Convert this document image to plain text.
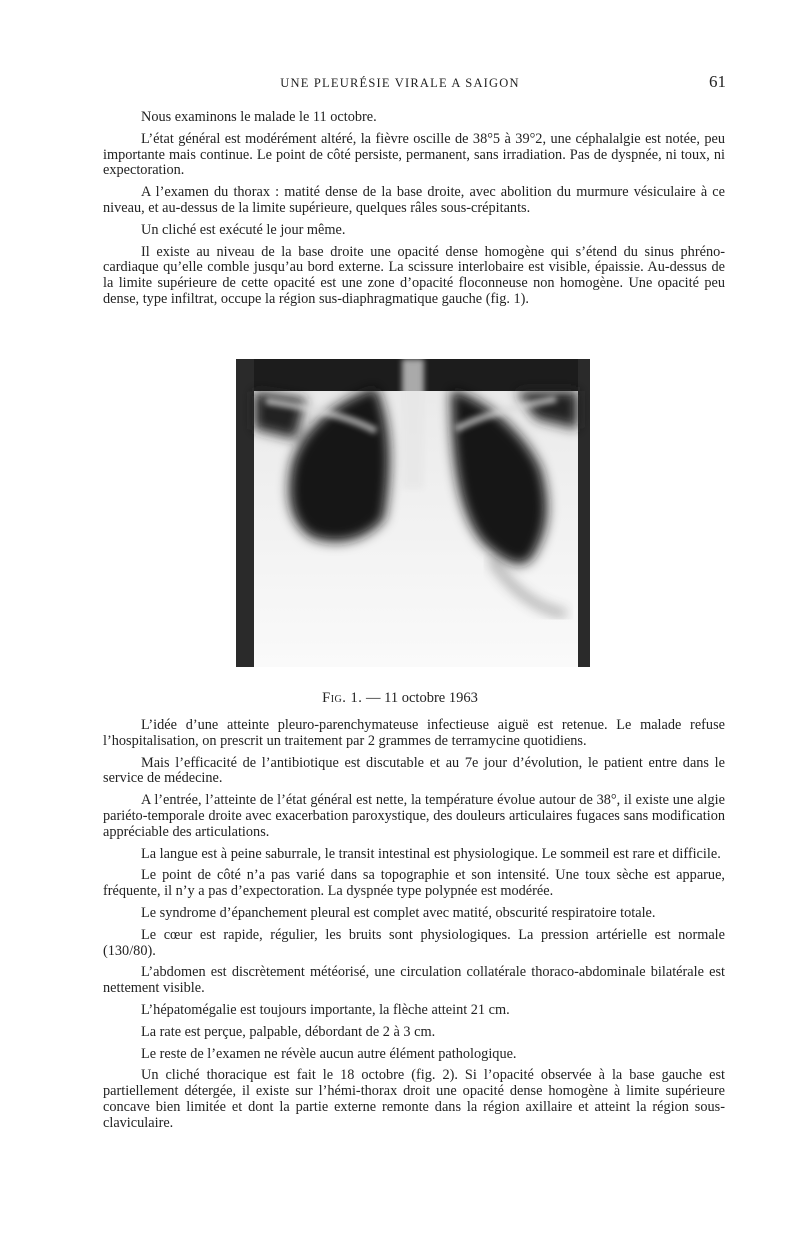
UNE PLEURÉSIE VIRALE A SAIGON	61

Nous examinons le malade le 11 octobre.

L’état général est modérément altéré, la fièvre oscille de 38°5 à 39°2, une céphalalgie est notée, peu importante mais continue. Le point de côté persiste, permanent, sans irradiation. Pas de dyspnée, ni toux, ni expectoration.

A l’examen du thorax : matité dense de la base droite, avec abolition du murmure vésiculaire à ce niveau, et au-dessus de la limite supérieure, quelques râles sous-crépitants.

Un cliché est exécuté le jour même.

Il existe au niveau de la base droite une opacité dense homogène qui s’étend du sinus phréno-cardiaque qu’elle comble jusqu’au bord externe. La scissure interlobaire est visible, épaissie. Au-dessus de la limite supérieure de cette opacité est une zone d’opacité floconneuse non homogène. Une opacité peu dense, type infiltrat, occupe la région sus-diaphragmatique gauche (fig. 1).

Fig. 1. — 11 octobre 1963

L’idée d’une atteinte pleuro-parenchymateuse infectieuse aiguë est retenue. Le malade refuse l’hospitalisation, on prescrit un traitement par 2 grammes de terramycine quotidiens.

Mais l’efficacité de l’antibiotique est discutable et au 7e jour d’évolution, le patient entre dans le service de médecine.

A l’entrée, l’atteinte de l’état général est nette, la température évolue autour de 38°, il existe une algie pariéto-temporale droite avec exacerbation paroxystique, des douleurs articulaires fugaces sans modification appréciable des articulations.

La langue est à peine saburrale, le transit intestinal est physiologique. Le sommeil est rare et difficile.

Le point de côté n’a pas varié dans sa topographie et son intensité. Une toux sèche est apparue, fréquente, il n’y a pas d’expectoration. La dyspnée type polypnée est modérée.

Le syndrome d’épanchement pleural est complet avec matité, obscurité respiratoire totale.

Le cœur est rapide, régulier, les bruits sont physiologiques. La pression artérielle est normale (130/80).

L’abdomen est discrètement météorisé, une circulation collatérale thoraco-abdominale bilatérale est nettement visible.

L’hépatomégalie est toujours importante, la flèche atteint 21 cm.

La rate est perçue, palpable, débordant de 2 à 3 cm.

Le reste de l’examen ne révèle aucun autre élément pathologique.

Un cliché thoracique est fait le 18 octobre (fig. 2). Si l’opacité observée à la base gauche est partiellement détergée, il existe sur l’hémi-thorax droit une opacité dense homogène à limite supérieure concave bien limitée et dont la partie externe remonte dans la région axillaire et atteint la région sous-claviculaire.
